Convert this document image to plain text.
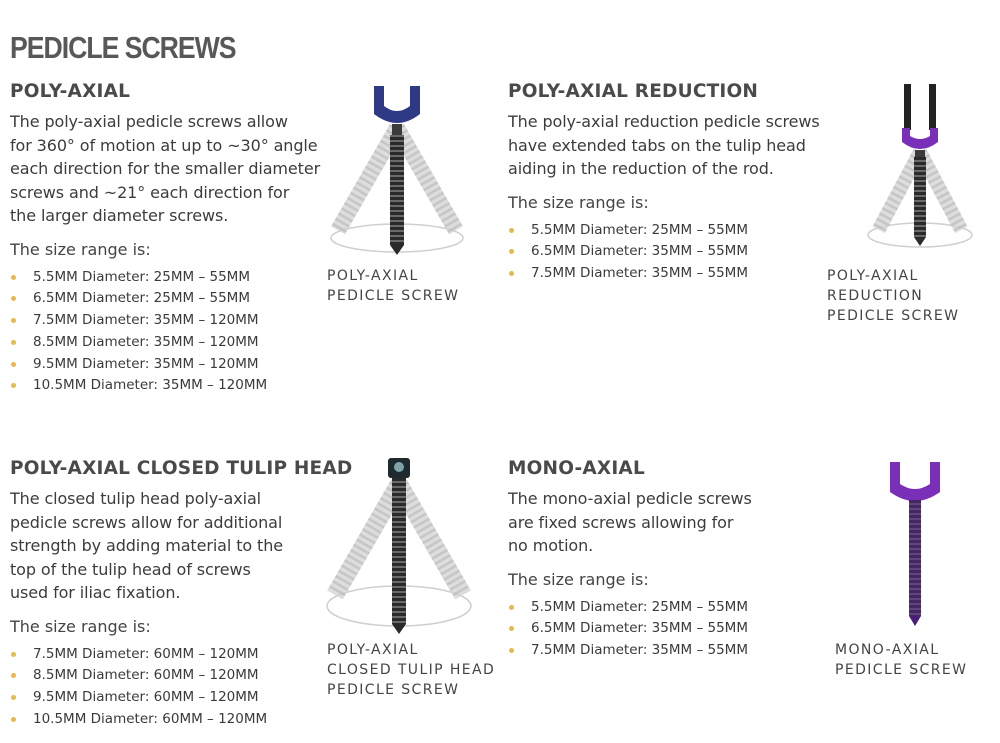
PEDICLE SCREWS
POLY-AXIAL

The poly-axial pedicle screws allow
for 360° of motion at up to ~30° angle
each direction for the smaller diameter
screws and ~21° each direction for
the larger diameter screws.

The size range is:

5.5MM Diameter: 25MM – 55MM
6.5MM Diameter: 25MM – 55MM
7.5MM Diameter: 35MM – 120MM
8.5MM Diameter: 35MM – 120MM
9.5MM Diameter: 35MM – 120MM
10.5MM Diameter: 35MM – 120MM
POLY-AXIAL
PEDICLE SCREW
POLY-AXIAL REDUCTION

The poly-axial reduction pedicle screws
have extended tabs on the tulip head
aiding in the reduction of the rod.

The size range is:

5.5MM Diameter: 25MM – 55MM
6.5MM Diameter: 35MM – 55MM
7.5MM Diameter: 35MM – 55MM	POLY-AXIAL
REDUCTION
PEDICLE SCREW
POLY-AXIAL CLOSED TULIP HEAD

The closed tulip head poly-axial
pedicle screws allow for additional
strength by adding material to the
top of the tulip head of screws
used for iliac fixation.

The size range is:

7.5MM Diameter: 60MM – 120MM
8.5MM Diameter: 60MM – 120MM
9.5MM Diameter: 60MM – 120MM
10.5MM Diameter: 60MM – 120MM
POLY-AXIAL
CLOSED TULIP HEAD
PEDICLE SCREW
MONO-AXIAL

The mono-axial pedicle screws
are fixed screws allowing for
no motion.

The size range is:

5.5MM Diameter: 25MM – 55MM
6.5MM Diameter: 35MM – 55MM
7.5MM Diameter: 35MM – 55MM	MONO-AXIAL
PEDICLE SCREW
